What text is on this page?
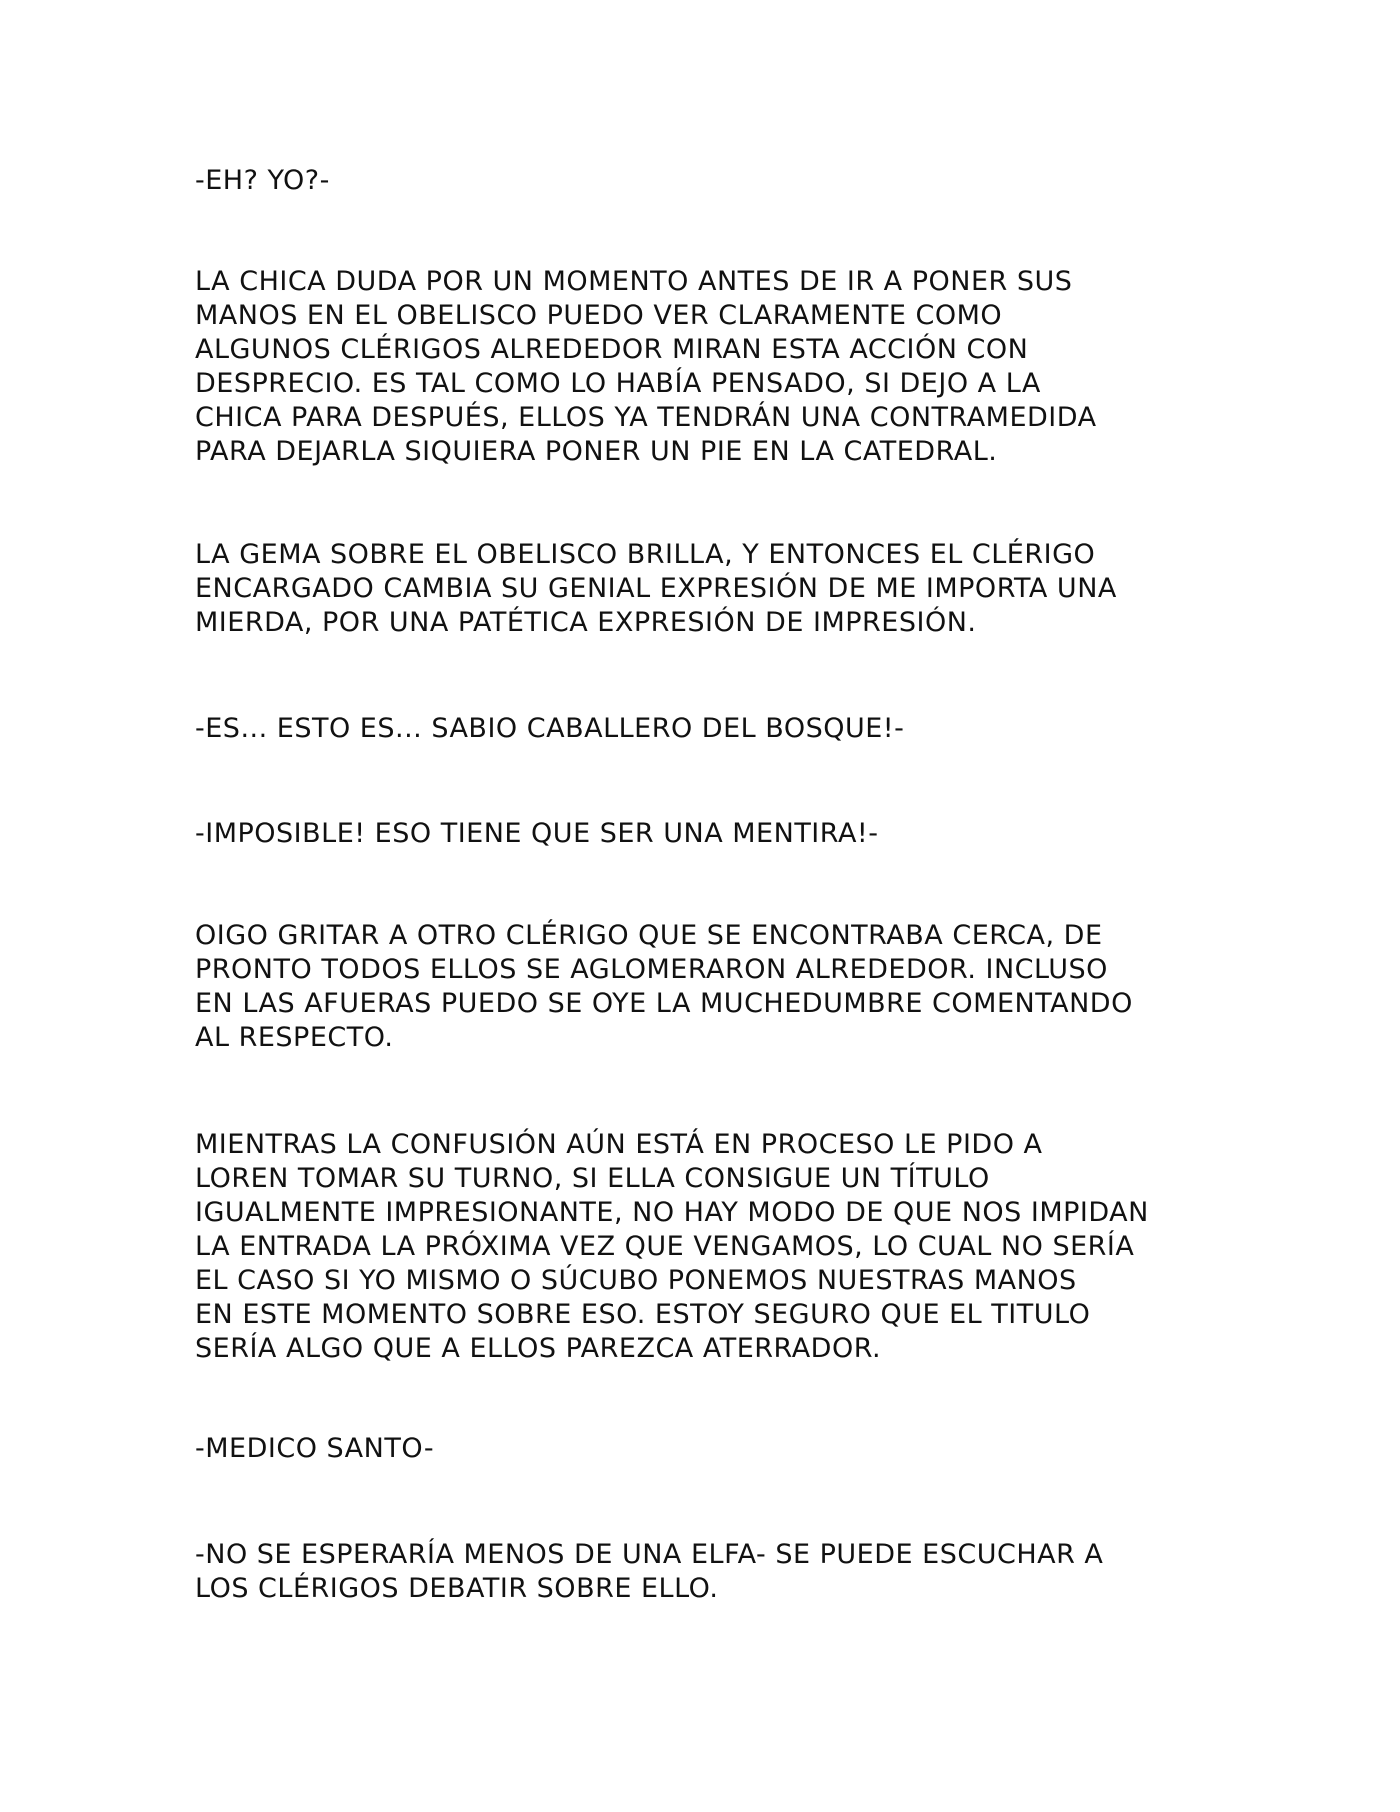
-EH? YO?-

LA CHICA DUDA POR UN MOMENTO ANTES DE IR A PONER SUS
MANOS EN EL OBELISCO PUEDO VER CLARAMENTE COMO
ALGUNOS CLÉRIGOS ALREDEDOR MIRAN ESTA ACCIÓN CON
DESPRECIO. ES TAL COMO LO HABÍA PENSADO, SI DEJO A LA
CHICA PARA DESPUÉS, ELLOS YA TENDRÁN UNA CONTRAMEDIDA
PARA DEJARLA SIQUIERA PONER UN PIE EN LA CATEDRAL.

LA GEMA SOBRE EL OBELISCO BRILLA, Y ENTONCES EL CLÉRIGO
ENCARGADO CAMBIA SU GENIAL EXPRESIÓN DE ME IMPORTA UNA
MIERDA, POR UNA PATÉTICA EXPRESIÓN DE IMPRESIÓN.

-ES... ESTO ES... SABIO CABALLERO DEL BOSQUE!-

-IMPOSIBLE! ESO TIENE QUE SER UNA MENTIRA!-

OIGO GRITAR A OTRO CLÉRIGO QUE SE ENCONTRABA CERCA, DE
PRONTO TODOS ELLOS SE AGLOMERARON ALREDEDOR. INCLUSO
EN LAS AFUERAS PUEDO SE OYE LA MUCHEDUMBRE COMENTANDO
AL RESPECTO.

MIENTRAS LA CONFUSIÓN AÚN ESTÁ EN PROCESO LE PIDO A
LOREN TOMAR SU TURNO, SI ELLA CONSIGUE UN TÍTULO
IGUALMENTE IMPRESIONANTE, NO HAY MODO DE QUE NOS IMPIDAN
LA ENTRADA LA PRÓXIMA VEZ QUE VENGAMOS, LO CUAL NO SERÍA
EL CASO SI YO MISMO O SÚCUBO PONEMOS NUESTRAS MANOS
EN ESTE MOMENTO SOBRE ESO. ESTOY SEGURO QUE EL TITULO
SERÍA ALGO QUE A ELLOS PAREZCA ATERRADOR.

-MEDICO SANTO-

-NO SE ESPERARÍA MENOS DE UNA ELFA- SE PUEDE ESCUCHAR A
LOS CLÉRIGOS DEBATIR SOBRE ELLO.
